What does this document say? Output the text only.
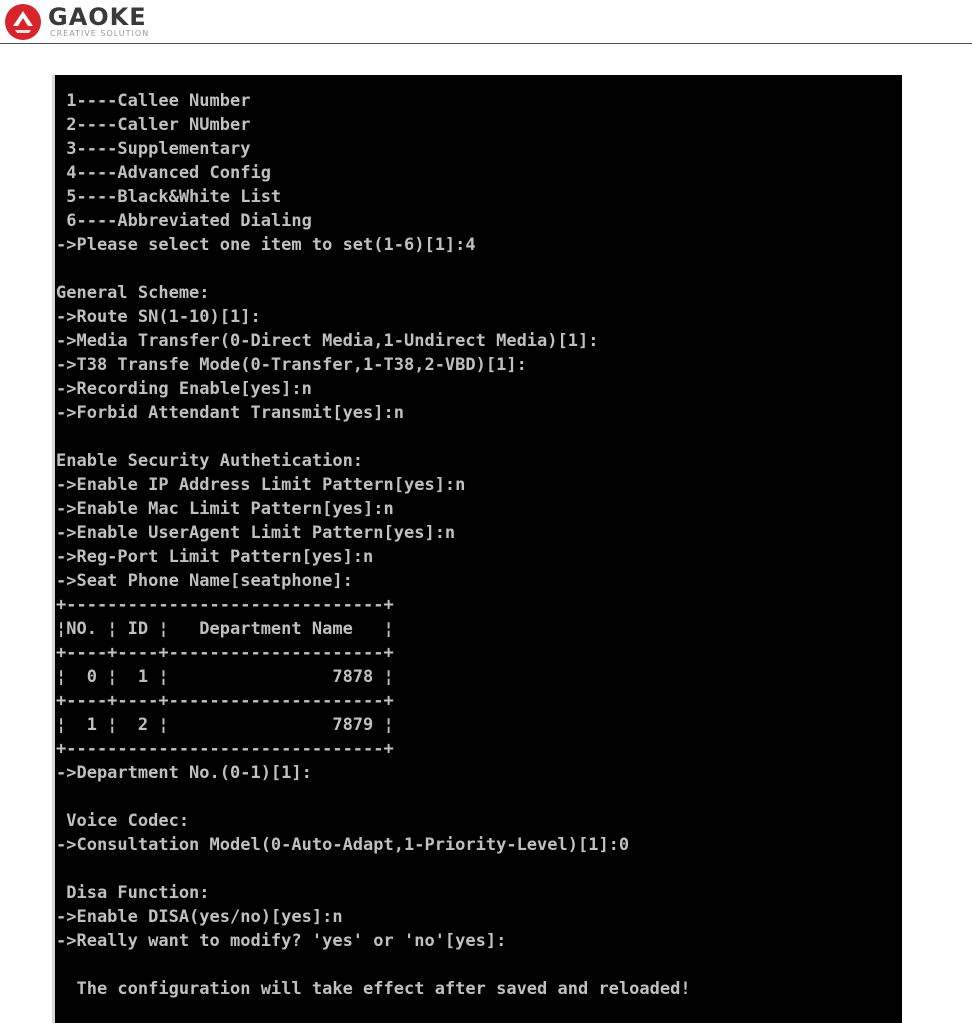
GAOKE
CREATIVE SOLUTION
1----Callee Number
2----Caller NUmber
3----Supplementary
4----Advanced Config
5----Black&White List
6----Abbreviated Dialing
->Please select one item to set(1-6)[1]:4
General Scheme:
->Route SN(1-10)[1]:
->Media Transfer(0-Direct Media,1-Undirect Media)[1]:
->T38 Transfe Mode(0-Transfer,1-T38,2-VBD)[1]:
->Recording Enable[yes]:n
->Forbid Attendant Transmit[yes]:n
Enable Security Authetication:
->Enable IP Address Limit Pattern[yes]:n
->Enable Mac Limit Pattern[yes]:n
->Enable UserAgent Limit Pattern[yes]:n
->Reg-Port Limit Pattern[yes]:n
->Seat Phone Name[seatphone]:
+-------------------------------+
¦NO. ¦ ID ¦   Department Name   ¦
+----+----+---------------------+
¦  0 ¦  1 ¦                7878 ¦
+----+----+---------------------+
¦  1 ¦  2 ¦                7879 ¦
+-------------------------------+
->Department No.(0-1)[1]:
Voice Codec:
->Consultation Model(0-Auto-Adapt,1-Priority-Level)[1]:0
Disa Function:
->Enable DISA(yes/no)[yes]:n
->Really want to modify? 'yes' or 'no'[yes]:
The configuration will take effect after saved and reloaded!
